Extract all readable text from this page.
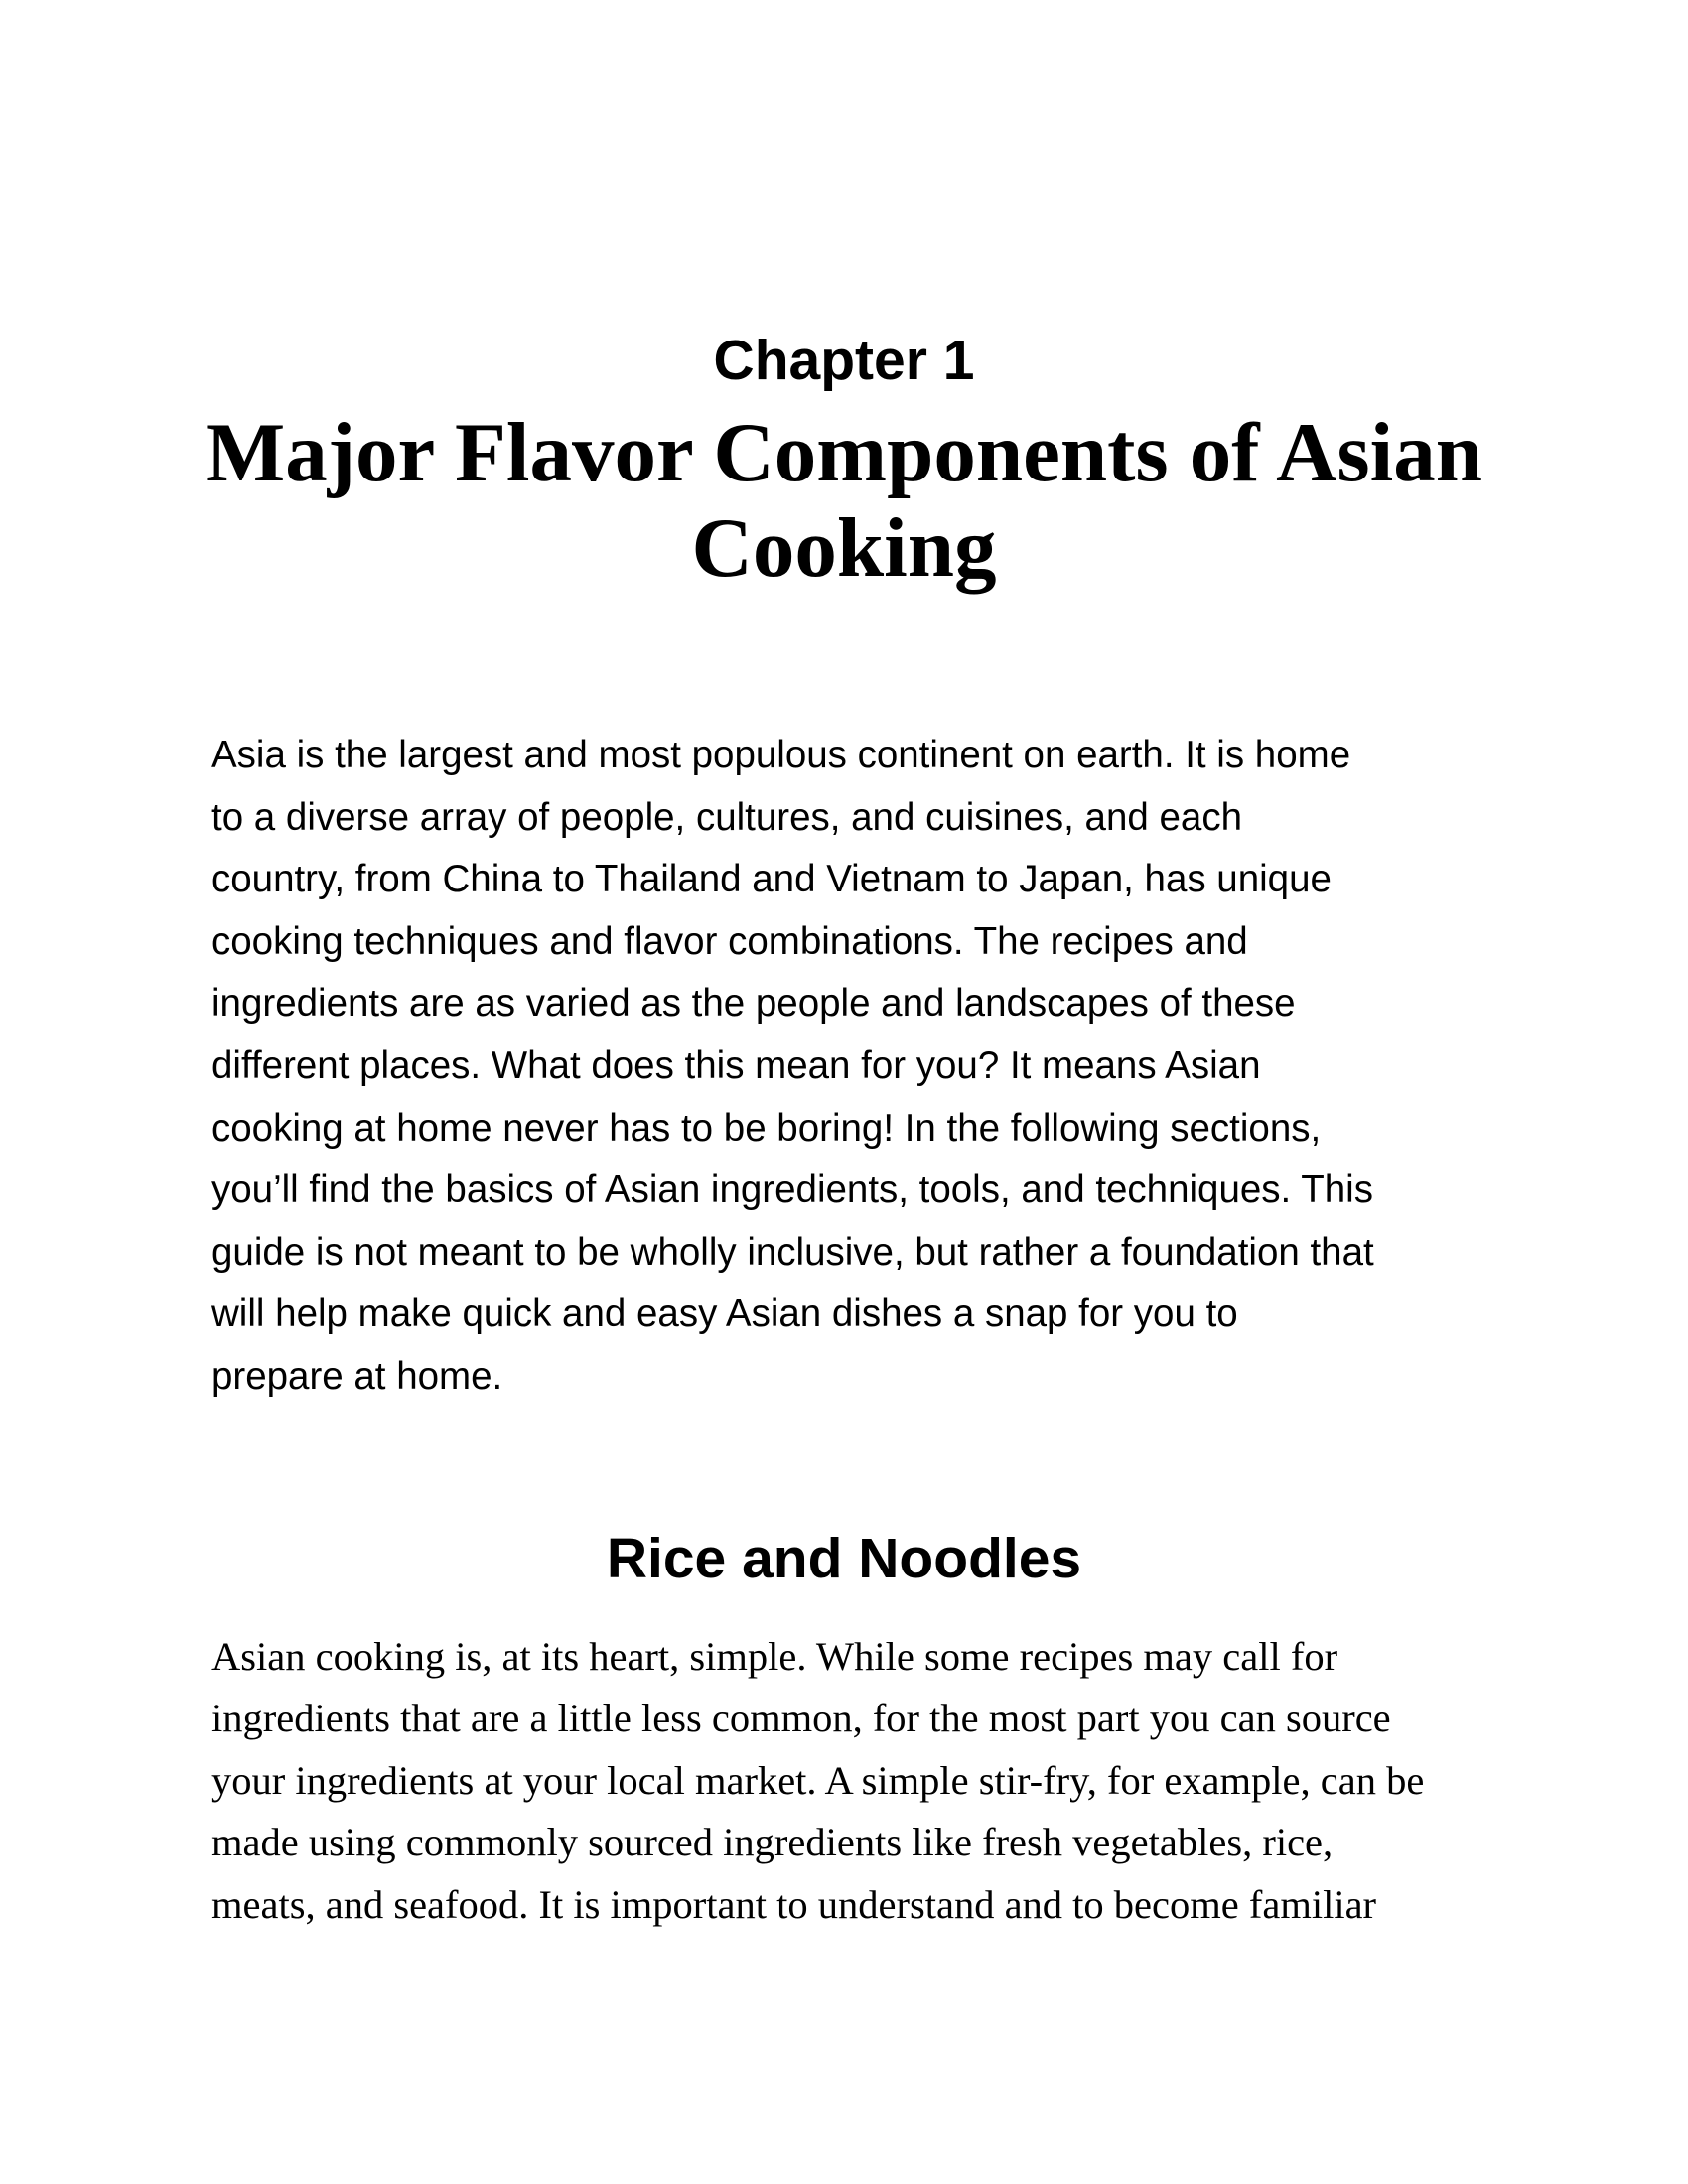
Chapter 1
Major Flavor Components of Asian
Cooking
Asia is the largest and most populous continent on earth. It is home
to a diverse array of people, cultures, and cuisines, and each
country, from China to Thailand and Vietnam to Japan, has unique
cooking techniques and flavor combinations. The recipes and
ingredients are as varied as the people and landscapes of these
different places. What does this mean for you? It means Asian
cooking at home never has to be boring! In the following sections,
you’ll find the basics of Asian ingredients, tools, and techniques. This
guide is not meant to be wholly inclusive, but rather a foundation that
will help make quick and easy Asian dishes a snap for you to
prepare at home.
Rice and Noodles
Asian cooking is, at its heart, simple. While some recipes may call for
ingredients that are a little less common, for the most part you can source
your ingredients at your local market. A simple stir-fry, for example, can be
made using commonly sourced ingredients like fresh vegetables, rice,
meats, and seafood. It is important to understand and to become familiar
